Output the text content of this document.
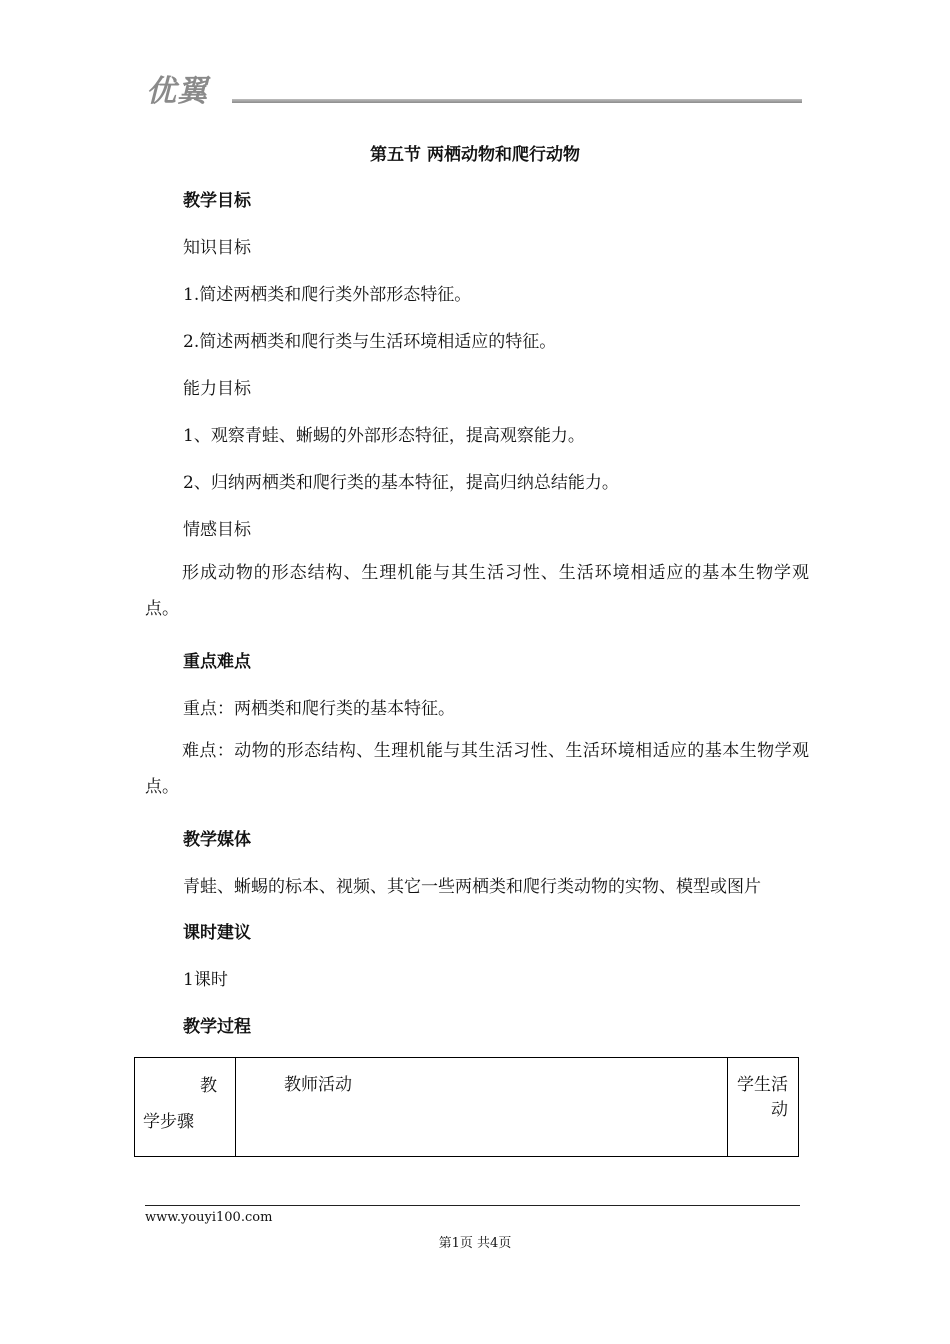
优翼
第五节 两栖动物和爬行动物
教学目标
知识目标
1.简述两栖类和爬行类外部形态特征。
2.简述两栖类和爬行类与生活环境相适应的特征。
能力目标
1、观察青蛙、蜥蜴的外部形态特征，提高观察能力。
2、归纳两栖类和爬行类的基本特征，提高归纳总结能力。
情感目标
形成动物的形态结构、生理机能与其生活习性、生活环境相适应的基本生物学观点。
重点难点
重点：两栖类和爬行类的基本特征。
难点：动物的形态结构、生理机能与其生活习性、生活环境相适应的基本生物学观点。
教学媒体
青蛙、蜥蜴的标本、视频、其它一些两栖类和爬行类动物的实物、模型或图片
课时建议
1课时
教学过程
教
学步骤	教师活动	学生活动
www.youyi100.com
第1页 共4页
